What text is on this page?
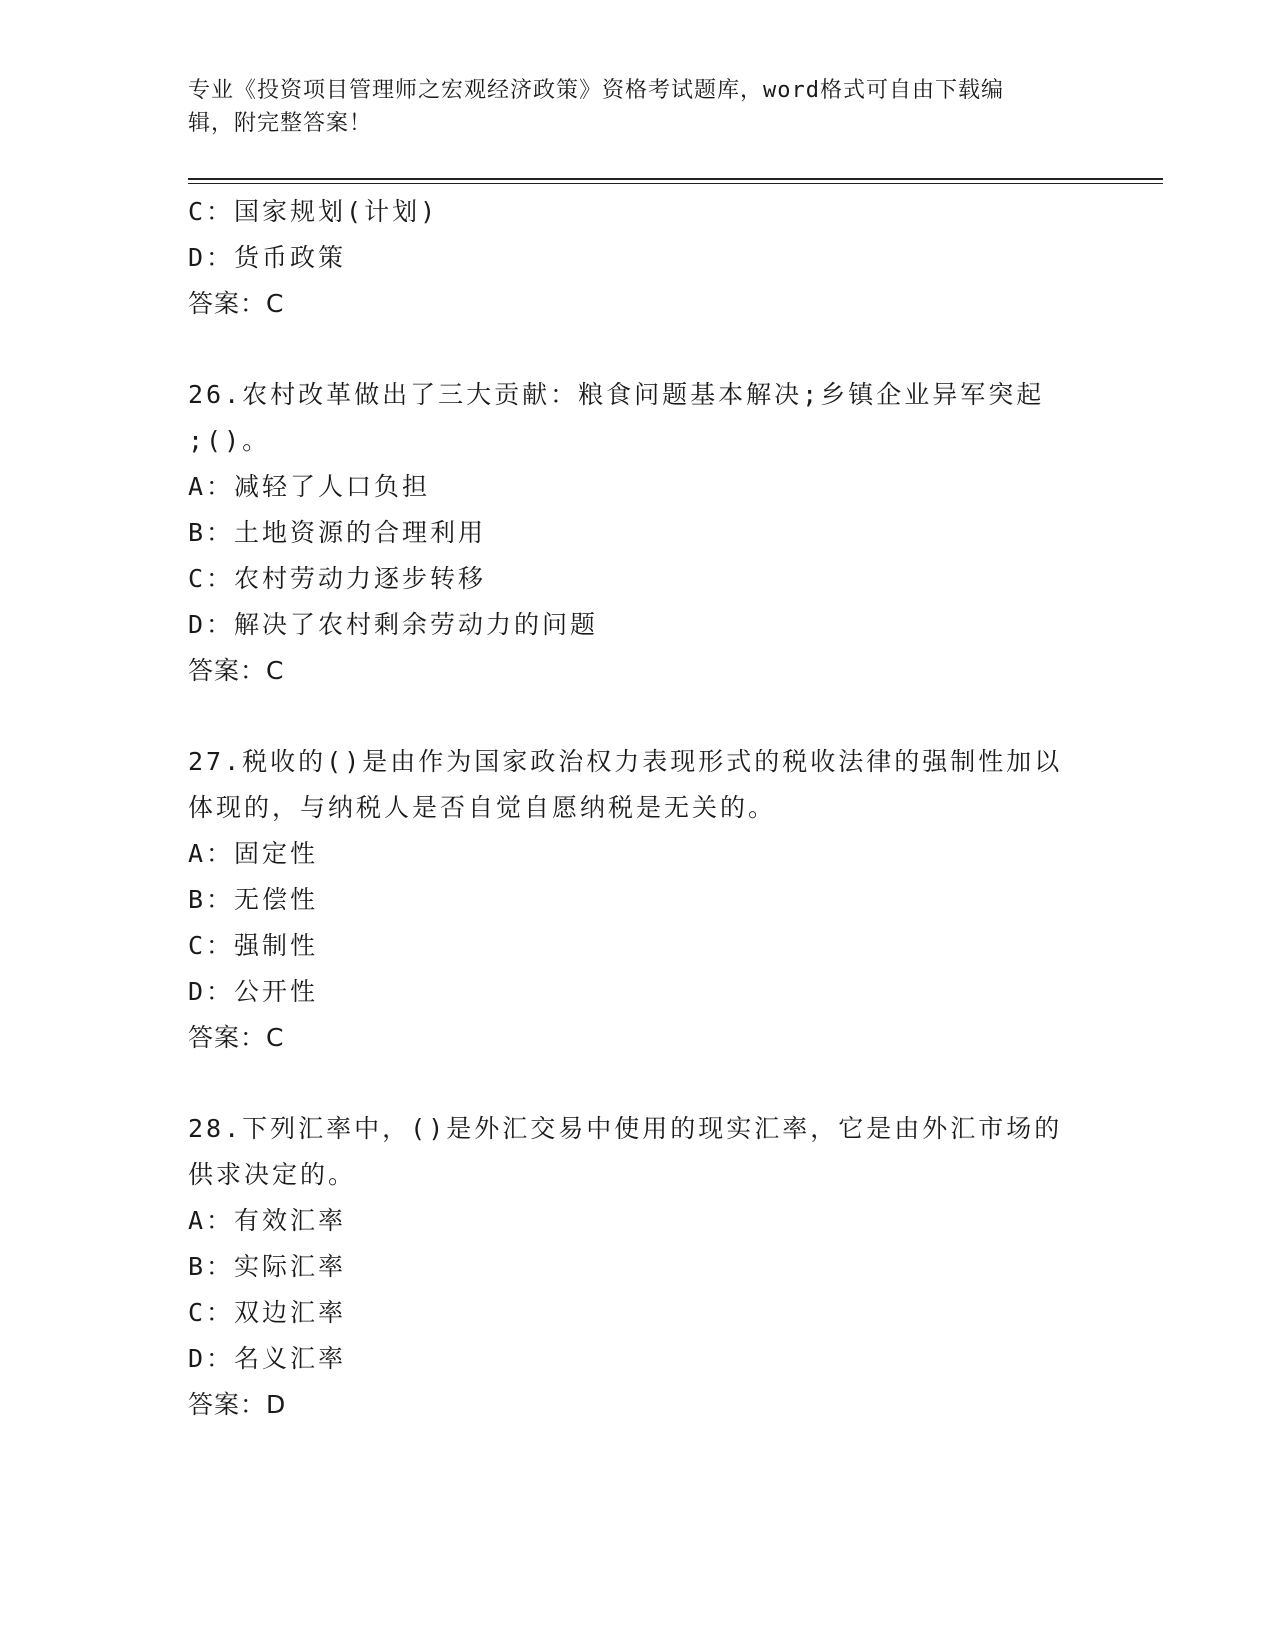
专业《投资项目管理师之宏观经济政策》资格考试题库，word格式可自由下载编
辑，附完整答案！
C：国家规划(计划)
D：货币政策
答案：C
26.农村改革做出了三大贡献：粮食问题基本解决;乡镇企业异军突起
;()。
A：减轻了人口负担
B：土地资源的合理利用
C：农村劳动力逐步转移
D：解决了农村剩余劳动力的问题
答案：C
27.税收的()是由作为国家政治权力表现形式的税收法律的强制性加以
体现的，与纳税人是否自觉自愿纳税是无关的。
A：固定性
B：无偿性
C：强制性
D：公开性
答案：C
28.下列汇率中，()是外汇交易中使用的现实汇率，它是由外汇市场的
供求决定的。
A：有效汇率
B：实际汇率
C：双边汇率
D：名义汇率
答案：D
